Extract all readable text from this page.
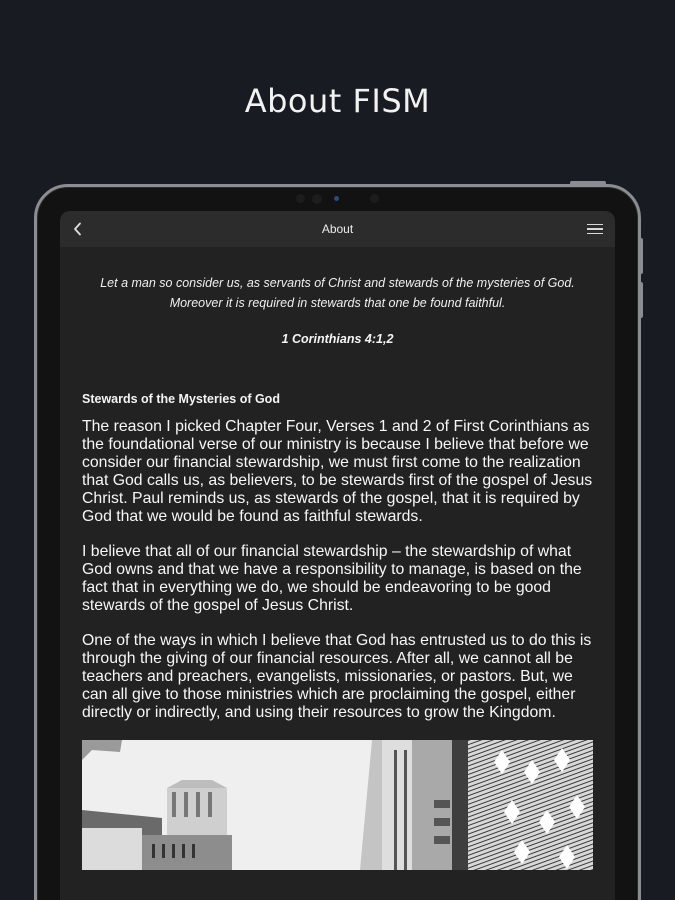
About FISM
About

Let a man so consider us, as servants of Christ and stewards of the mysteries of God. Moreover it is required in stewards that one be found faithful.

1 Corinthians 4:1,2

Stewards of the Mysteries of God

The reason I picked Chapter Four, Verses 1 and 2 of First Corinthians as the foundational verse of our ministry is because I believe that before we consider our financial stewardship, we must first come to the realization that God calls us, as believers, to be stewards first of the gospel of Jesus Christ. Paul reminds us, as stewards of the gospel, that it is required by God that we would be found as faithful stewards.

I believe that all of our financial stewardship – the stewardship of what God owns and that we have a responsibility to manage, is based on the fact that in everything we do, we should be endeavoring to be good stewards of the gospel of Jesus Christ.

One of the ways in which I believe that God has entrusted us to do this is through the giving of our financial resources. After all, we cannot all be teachers and preachers, evangelists, missionaries, or pastors. But, we can all give to those ministries which are proclaiming the gospel, either directly or indirectly, and using their resources to grow the Kingdom.
